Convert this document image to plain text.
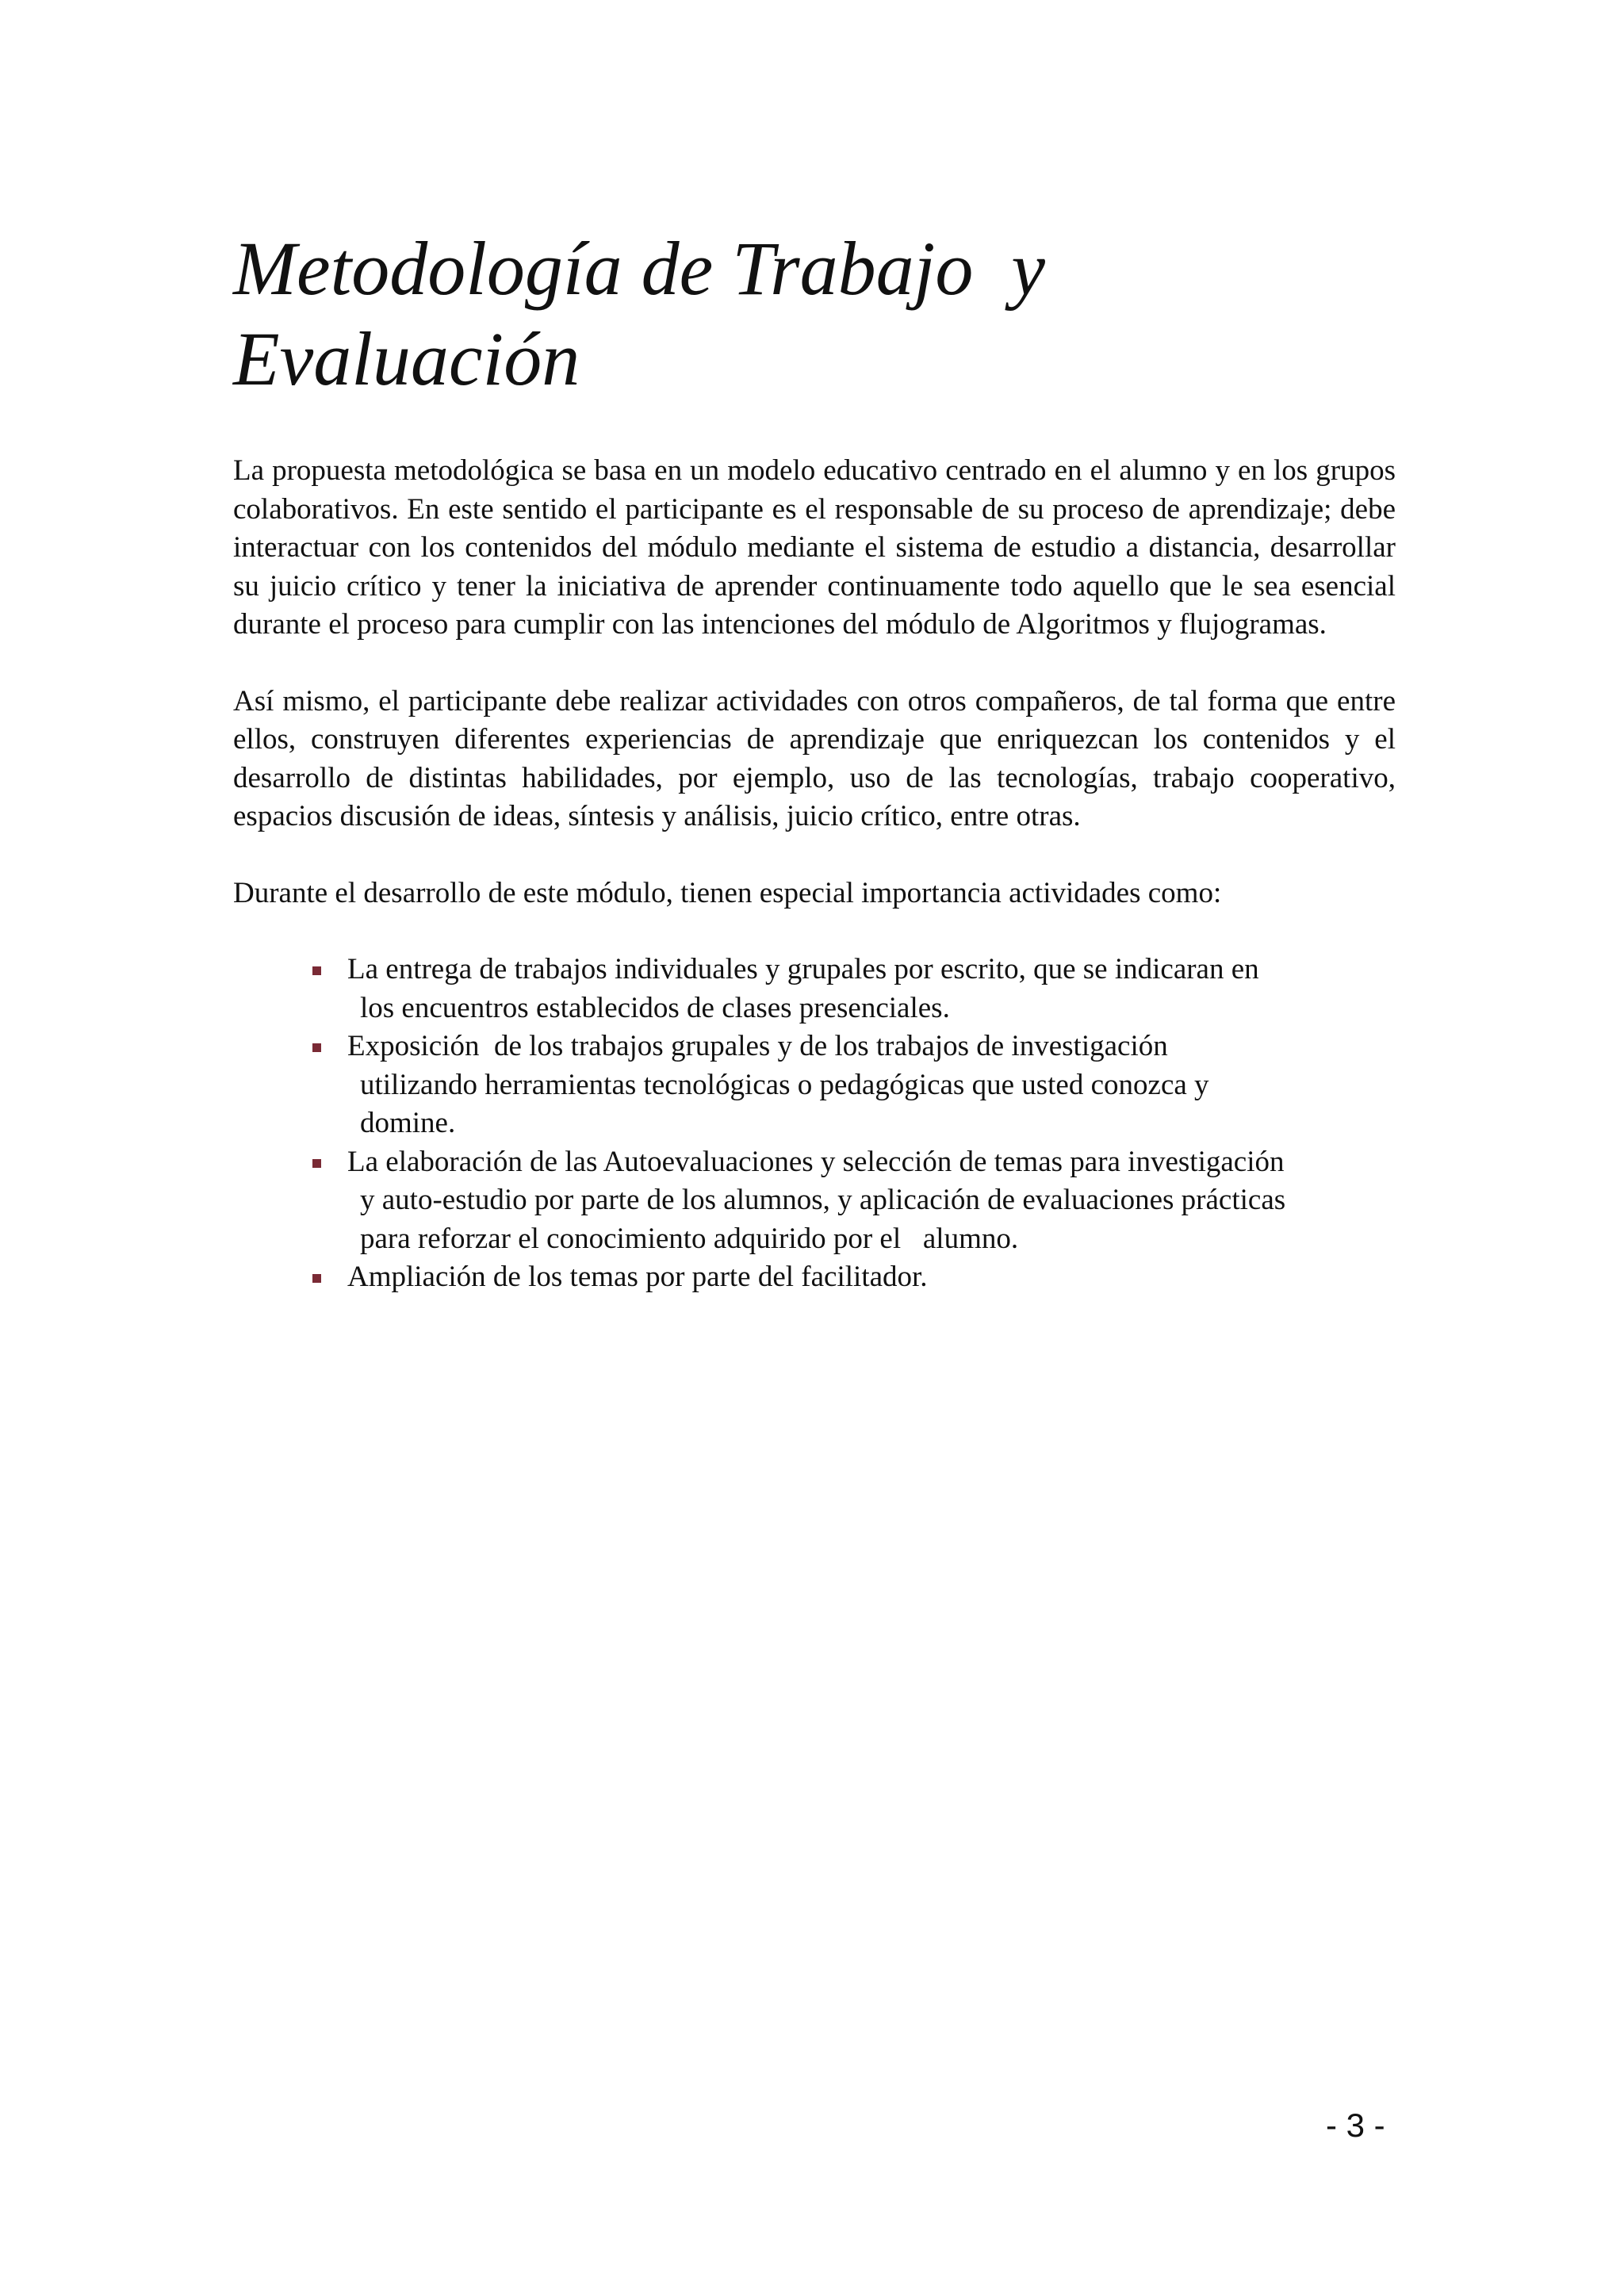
Metodología de Trabajo  y
Evaluación

La propuesta metodológica se basa en un modelo educativo centrado en el alumno y en los grupos colaborativos. En este sentido el participante es el responsable de su proceso de aprendizaje; debe interactuar con los contenidos del módulo mediante el sistema de estudio a distancia, desarrollar su juicio crítico y tener la iniciativa de aprender continuamente todo aquello que le sea esencial durante el proceso para cumplir con las intenciones del módulo de Algoritmos y flujogramas.

Así mismo, el participante debe realizar actividades con otros compañeros, de tal forma que entre ellos, construyen diferentes experiencias de aprendizaje que enriquezcan los contenidos y el desarrollo de distintas habilidades, por ejemplo, uso de las tecnologías, trabajo cooperativo, espacios discusión de ideas, síntesis y análisis, juicio crítico, entre otras.

Durante el desarrollo de este módulo, tienen especial importancia actividades como:

La entrega de trabajos individuales y grupales por escrito, que se indicaran en
los encuentros establecidos de clases presenciales.
Exposición  de los trabajos grupales y de los trabajos de investigación
utilizando herramientas tecnológicas o pedagógicas que usted conozca y
domine.
La elaboración de las Autoevaluaciones y selección de temas para investigación
y auto-estudio por parte de los alumnos, y aplicación de evaluaciones prácticas
para reforzar el conocimiento adquirido por el   alumno.
Ampliación de los temas por parte del facilitador.
- 3 -
